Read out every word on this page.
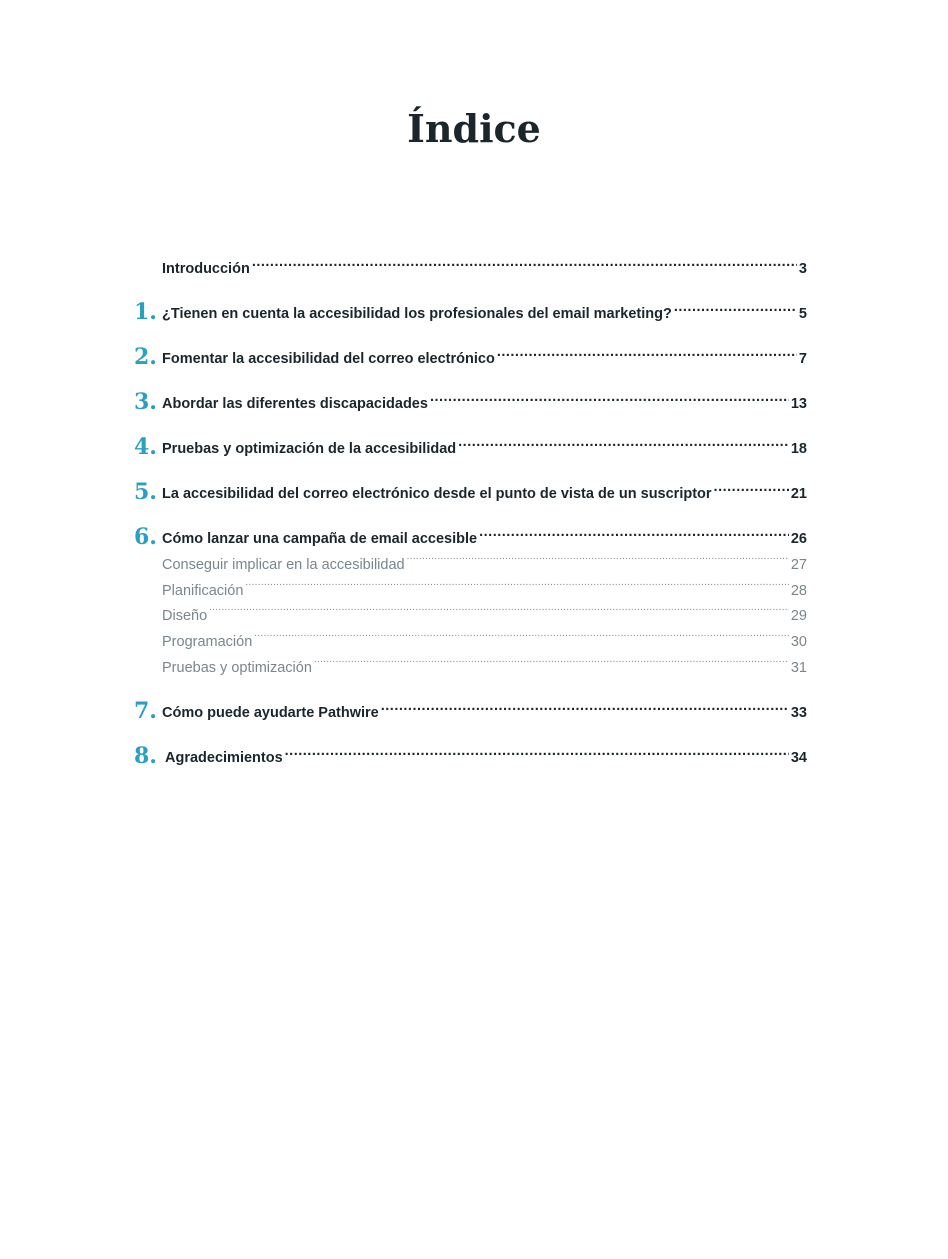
Índice
Introducción .....	3
1. ¿Tienen en cuenta la accesibilidad los profesionales del email marketing? .....	5
2. Fomentar la accesibilidad del correo electrónico .....	7
3. Abordar las diferentes discapacidades .....	13
4. Pruebas y optimización de la accesibilidad .....	18
5. La accesibilidad del correo electrónico desde el punto de vista de un suscriptor .....	21
6. Cómo lanzar una campaña de email accesible .....	26
Conseguir implicar en la accesibilidad .....	27
Planificación .....	28
Diseño .....	29
Programación .....	30
Pruebas y optimización .....	31
7. Cómo puede ayudarte Pathwire .....	33
8. Agradecimientos .....	34
